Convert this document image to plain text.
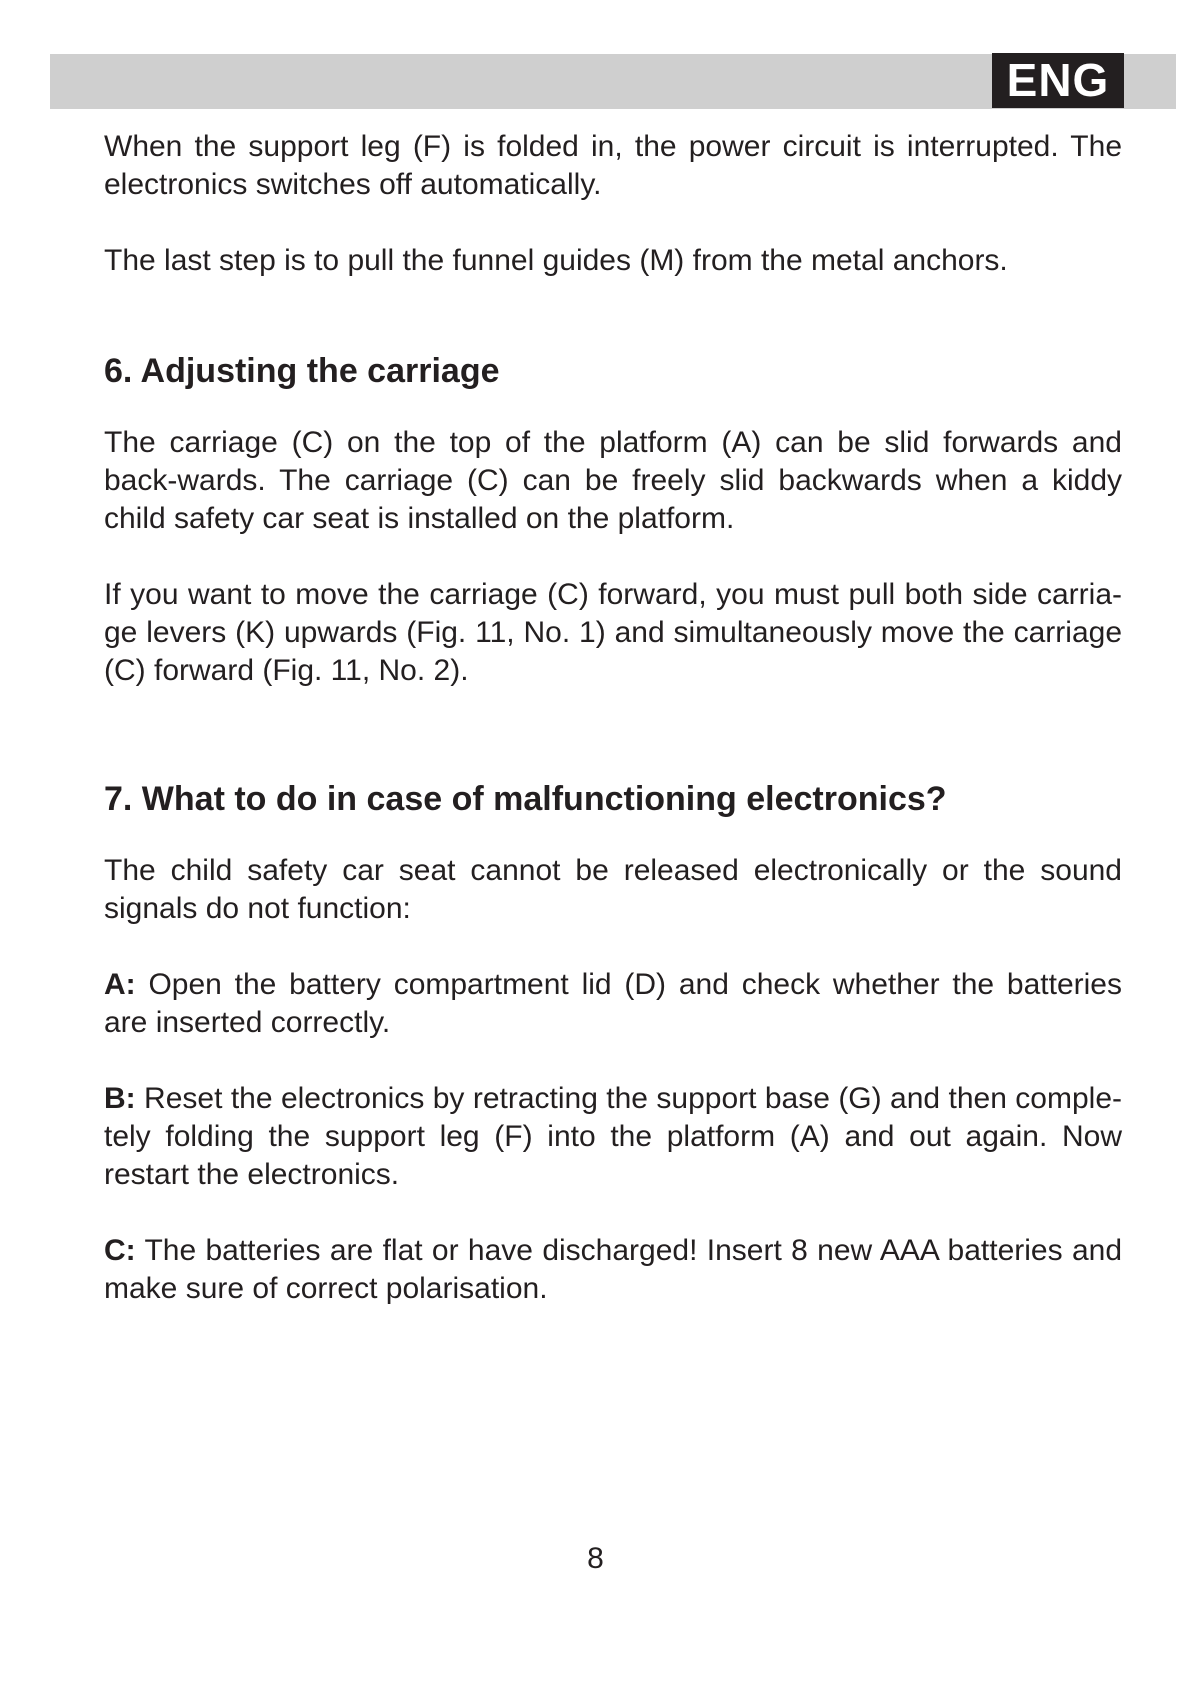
ENG

When the support leg (F) is folded in, the power circuit is interrupted. The electronics switches off automatically.

The last step is to pull the funnel guides (M) from the metal anchors.

6. Adjusting the carriage

The carriage (C) on the top of the platform (A) can be slid forwards and back-wards. The carriage (C) can be freely slid backwards when a kiddy child safety car seat is installed on the platform.

If you want to move the carriage (C) forward, you must pull both side carria-ge levers (K) upwards (Fig. 11, No. 1) and simultaneously move the carriage (C) forward (Fig. 11, No. 2).

7. What to do in case of malfunctioning electronics?

The child safety car seat cannot be released electronically or the sound signals do not function:

A: Open the battery compartment lid (D) and check whether the batteries are inserted correctly.

B: Reset the electronics by retracting the support base (G) and then comple-tely folding the support leg (F) into the platform (A) and out again. Now restart the electronics.

C: The batteries are flat or have discharged! Insert 8 new AAA batteries and make sure of correct polarisation.

8
